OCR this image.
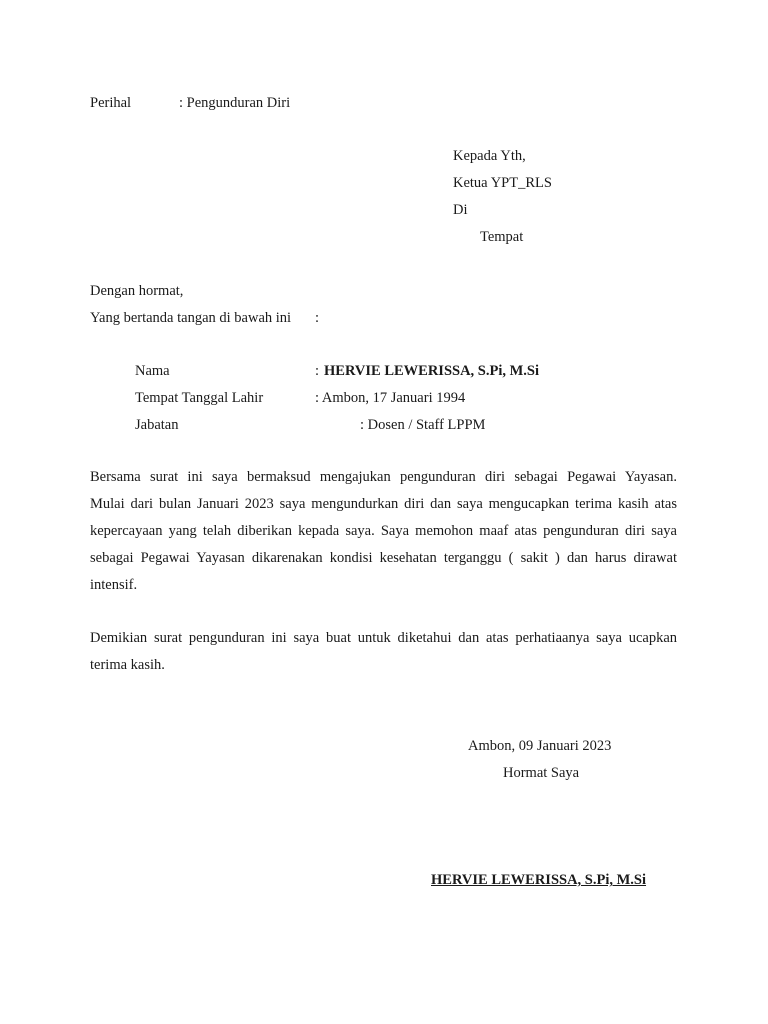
Perihal	: Pengunduran Diri
Kepada Yth,
Ketua YPT_RLS
Di
Tempat
Dengan hormat,
Yang bertanda tangan di bawah ini :
Nama	: HERVIE LEWERISSA, S.Pi, M.Si
Tempat Tanggal Lahir	: Ambon, 17 Januari 1994
Jabatan	: Dosen / Staff LPPM
Bersama surat ini saya bermaksud mengajukan pengunduran diri sebagai Pegawai Yayasan.
Mulai dari bulan Januari 2023 saya mengundurkan diri dan saya mengucapkan terima kasih atas
kepercayaan yang telah diberikan kepada saya. Saya memohon maaf atas pengunduran diri saya
sebagai Pegawai Yayasan dikarenakan kondisi kesehatan terganggu ( sakit ) dan harus dirawat
intensif.
Demikian surat pengunduran ini saya buat untuk diketahui dan atas perhatiaanya saya ucapkan
terima kasih.
Ambon, 09 Januari 2023
Hormat Saya
HERVIE LEWERISSA, S.Pi, M.Si
